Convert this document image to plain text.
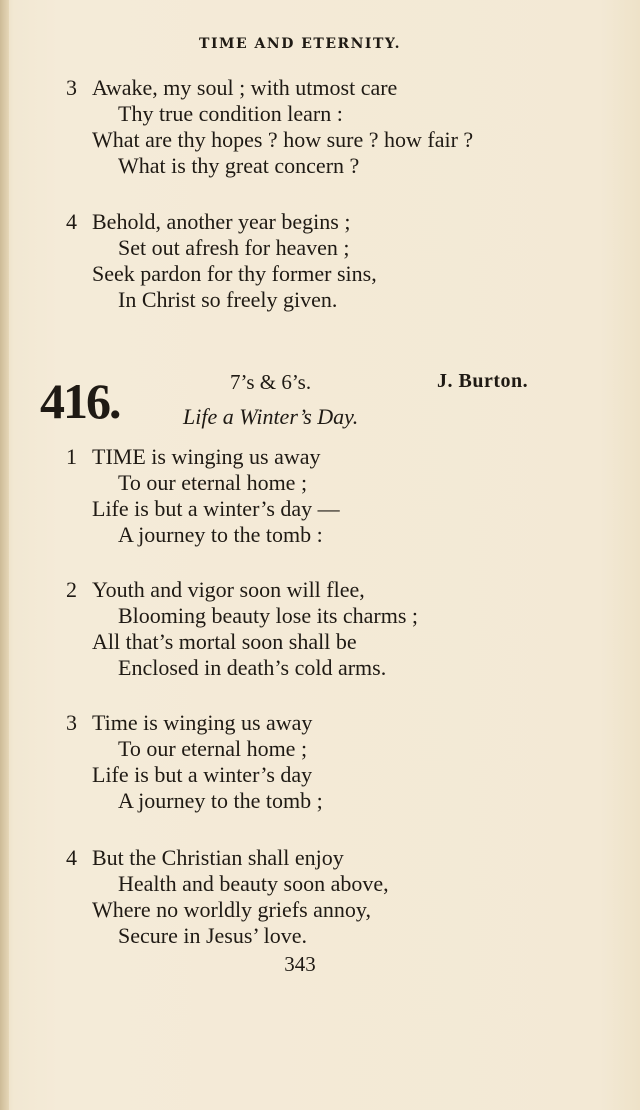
TIME AND ETERNITY.
3 Awake, my soul ; with utmost care
Thy true condition learn :
What are thy hopes ? how sure ? how fair ?
What is thy great concern ?
4 Behold, another year begins ;
Set out afresh for heaven ;
Seek pardon for thy former sins,
In Christ so freely given.
416.	7’s & 6’s.	J. Burton.
Life a Winter’s Day.
1 TIME is winging us away
To our eternal home ;
Life is but a winter’s day —
A journey to the tomb :
2 Youth and vigor soon will flee,
Blooming beauty lose its charms ;
All that’s mortal soon shall be
Enclosed in death’s cold arms.
3 Time is winging us away
To our eternal home ;
Life is but a winter’s day
A journey to the tomb ;
4 But the Christian shall enjoy
Health and beauty soon above,
Where no worldly griefs annoy,
Secure in Jesus’ love.
343
